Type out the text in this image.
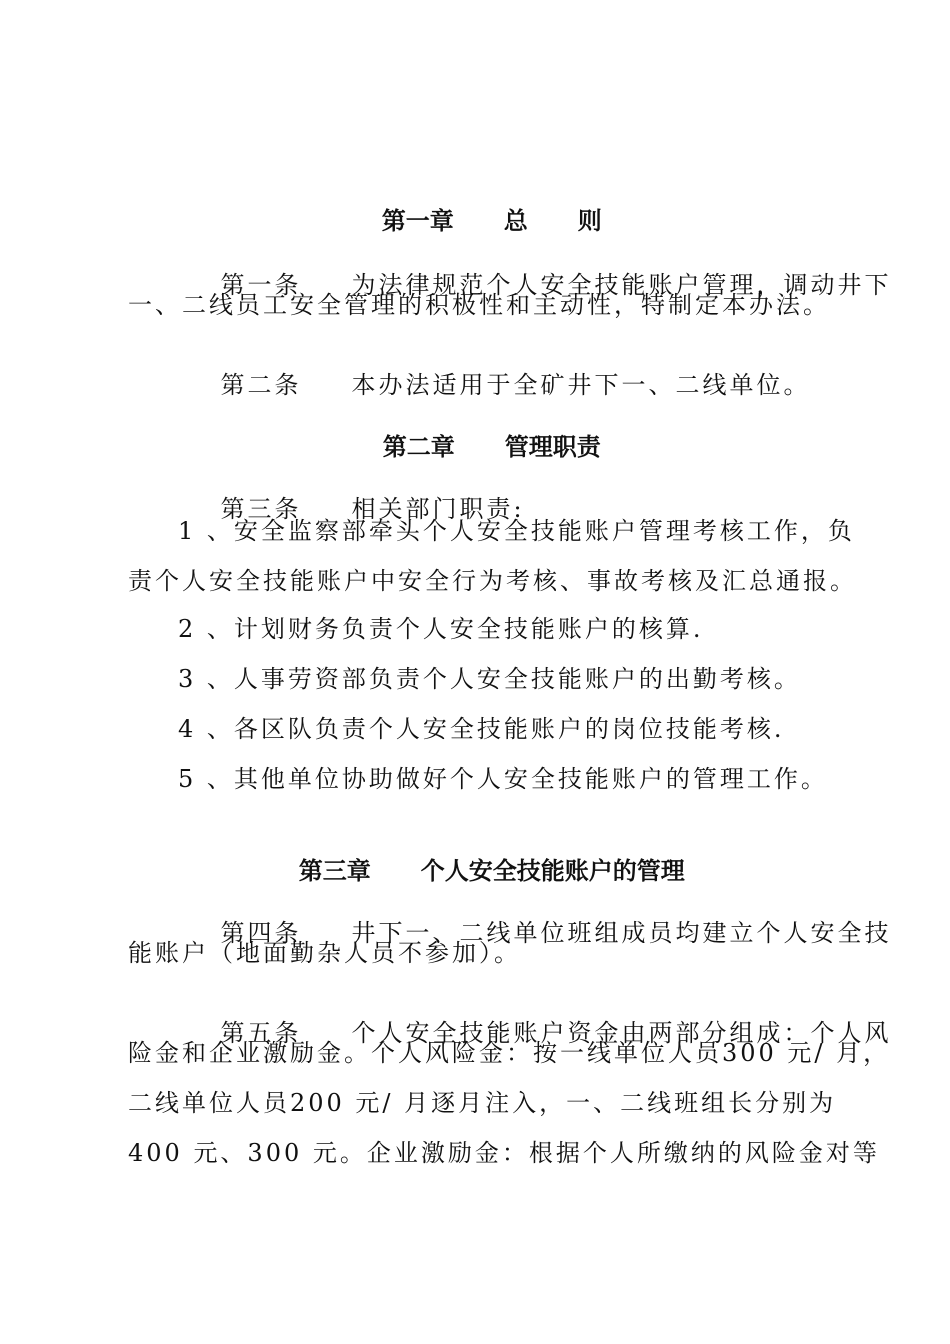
第一章 总 则

第一条 为法律规范个人安全技能账户管理，调动井下

一、二线员工安全管理的积极性和主动性，特制定本办法。

第二条 本办法适用于全矿井下一、二线单位。

第二章 管理职责

第三条 相关部门职责:

1 、安全监察部牵头个人安全技能账户管理考核工作，负
责个人安全技能账户中安全行为考核、事故考核及汇总通报。
2 、计划财务负责个人安全技能账户的核算.
3 、人事劳资部负责个人安全技能账户的出勤考核。
4 、各区队负责个人安全技能账户的岗位技能考核.
5 、其他单位协助做好个人安全技能账户的管理工作。

第三章 个人安全技能账户的管理

第四条 井下一、二线单位班组成员均建立个人安全技

能账户（地面勤杂人员不参加）。

第五条 个人安全技能账户资金由两部分组成：个人风

险金和企业激励金。个人风险金：按一线单位人员300 元/ 月，
二线单位人员200 元/ 月逐月注入，一、二线班组长分别为
400 元、300 元。企业激励金：根据个人所缴纳的风险金对等
